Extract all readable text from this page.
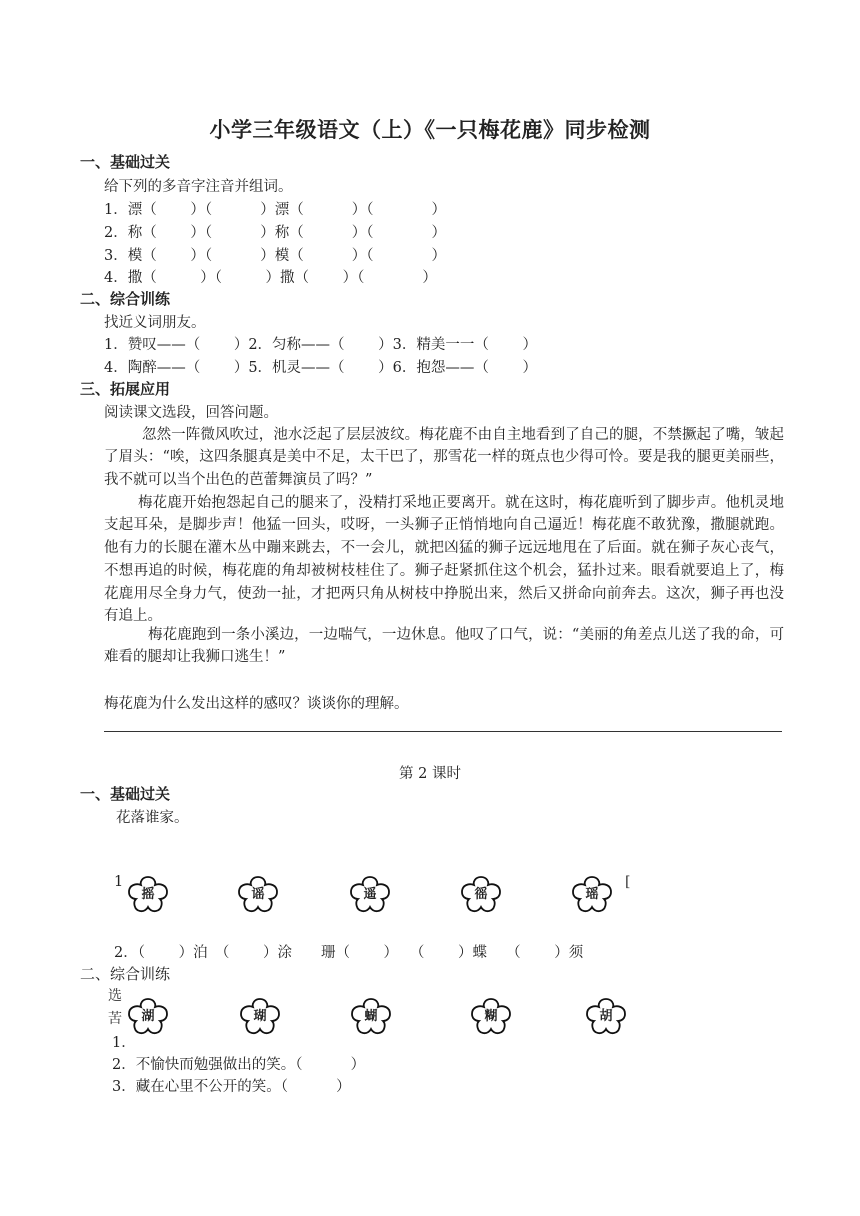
小学三年级语文（上）《一只梅花鹿》同步检测
一、基础过关
给下列的多音字注音并组词。
1．漂（　　 ）（　　 　）漂（　　 　）（　　　　）
2．称（　　 ）（　　 　）称（　　 　）（　　　　）
3．模（　　 ）（　　 　）模（　　 　）（　　　　）
4．撒（　　　）（　　　）撒（　　 ）（　　　　）
二、综合训练
找近义词朋友。
1．赞叹——（　　 ）2．匀称——（　　 ）3．精美一一（　　 ）
4．陶醉——（　　 ）5．机灵——（　　 ）6．抱怨——（　　 ）
三、拓展应用
阅读课文选段，回答问题。

忽然一阵微风吹过，池水泛起了层层波纹。梅花鹿不由自主地看到了自己的腿，不禁撅起了嘴，皱起了眉头：“唉，这四条腿真是美中不足，太干巴了，那雪花一样的斑点也少得可怜。要是我的腿更美丽些，我不就可以当个出色的芭蕾舞演员了吗？”

梅花鹿开始抱怨起自己的腿来了，没精打采地正要离开。就在这时，梅花鹿听到了脚步声。他机灵地支起耳朵，是脚步声！他猛一回头，哎呀，一头狮子正悄悄地向自己逼近！梅花鹿不敢犹豫，撒腿就跑。他有力的长腿在灌木丛中蹦来跳去，不一会儿，就把凶猛的狮子远远地甩在了后面。就在狮子灰心丧气，不想再追的时候，梅花鹿的角却被树枝桂住了。狮子赶紧抓住这个机会，猛扑过来。眼看就要追上了，梅花鹿用尽全身力气，使劲一扯，才把两只角从树枝中挣脱出来，然后又拼命向前奔去。这次，狮子再也没有追上。

梅花鹿跑到一条小溪边，一边喘气，一边休息。他叹了口气，说：“美丽的角差点儿送了我的命，可难看的腿却让我狮口逃生！”

梅花鹿为什么发出这样的感叹？谈谈你的理解。
第 2 课时
一、基础过关
花落谁家。
1	[
摇	谣	遥	徭	瑶
2．（　　 ）泊　（　　 ）涂　　珊（　　 ）　 （　　 ）蝶　 （　　 ）须
二、综合训练
选
苦	湖	瑚	蝴	糊	胡
1．
2．不愉快而勉强做出的笑。（　　　 ）
3．藏在心里不公开的笑。（　　　 ）
